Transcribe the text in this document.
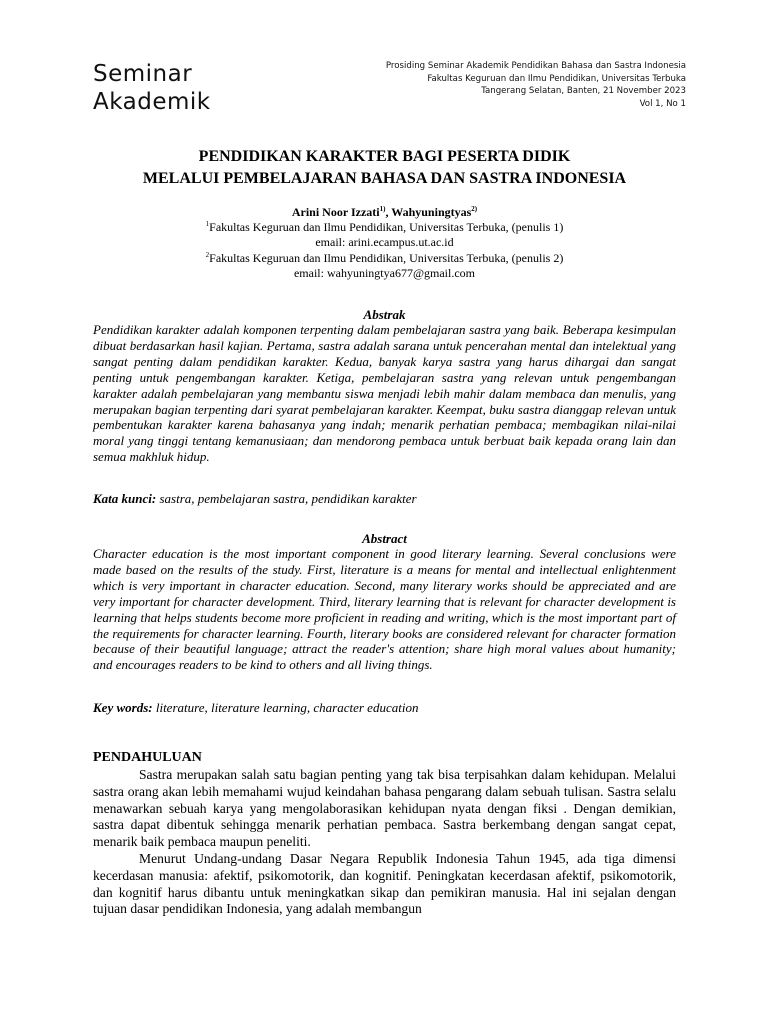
Seminar
Akademik
Prosiding Seminar Akademik Pendidikan Bahasa dan Sastra Indonesia
Fakultas Keguruan dan Ilmu Pendidikan, Universitas Terbuka
Tangerang Selatan, Banten, 21 November 2023
Vol 1, No 1
PENDIDIKAN KARAKTER BAGI PESERTA DIDIK
MELALUI PEMBELAJARAN BAHASA DAN SASTRA INDONESIA
Arini Noor Izzati$^{1)}$, Wahyuningtyas$^{2)}$
$^1$Fakultas Keguruan dan Ilmu Pendidikan, Universitas Terbuka, (penulis 1)
email: arini.ecampus.ut.ac.id
$^2$Fakultas Keguruan dan Ilmu Pendidikan, Universitas Terbuka, (penulis 2)
email: wahyuningtya677@gmail.com
Abstrak
Pendidikan karakter adalah komponen terpenting dalam pembelajaran sastra yang baik. Beberapa kesimpulan dibuat berdasarkan hasil kajian. Pertama, sastra adalah sarana untuk pencerahan mental dan intelektual yang sangat penting dalam pendidikan karakter. Kedua, banyak karya sastra yang harus dihargai dan sangat penting untuk pengembangan karakter. Ketiga, pembelajaran sastra yang relevan untuk pengembangan karakter adalah pembelajaran yang membantu siswa menjadi lebih mahir dalam membaca dan menulis, yang merupakan bagian terpenting dari syarat pembelajaran karakter. Keempat, buku sastra dianggap relevan untuk pembentukan karakter karena bahasanya yang indah; menarik perhatian pembaca; membagikan nilai-nilai moral yang tinggi tentang kemanusiaan; dan mendorong pembaca untuk berbuat baik kepada orang lain dan semua makhluk hidup.
Kata kunci: sastra, pembelajaran sastra, pendidikan karakter
Abstract
Character education is the most important component in good literary learning. Several conclusions were made based on the results of the study. First, literature is a means for mental and intellectual enlightenment which is very important in character education. Second, many literary works should be appreciated and are very important for character development. Third, literary learning that is relevant for character development is learning that helps students become more proficient in reading and writing, which is the most important part of the requirements for character learning. Fourth, literary books are considered relevant for character formation because of their beautiful language; attract the reader's attention; share high moral values about humanity; and encourages readers to be kind to others and all living things.
Key words: literature, literature learning, character education
PENDAHULUAN

Sastra merupakan salah satu bagian penting yang tak bisa terpisahkan dalam kehidupan. Melalui sastra orang akan lebih memahami wujud keindahan bahasa pengarang dalam sebuah tulisan. Sastra selalu menawarkan sebuah karya yang mengolaborasikan kehidupan nyata dengan fiksi . Dengan demikian, sastra dapat dibentuk sehingga menarik perhatian pembaca. Sastra berkembang dengan sangat cepat, menarik baik pembaca maupun peneliti.

Menurut Undang-undang Dasar Negara Republik Indonesia Tahun 1945, ada tiga dimensi kecerdasan manusia: afektif, psikomotorik, dan kognitif. Peningkatan kecerdasan afektif, psikomotorik, dan kognitif harus dibantu untuk meningkatkan sikap dan pemikiran manusia. Hal ini sejalan dengan tujuan dasar pendidikan Indonesia, yang adalah membangun
